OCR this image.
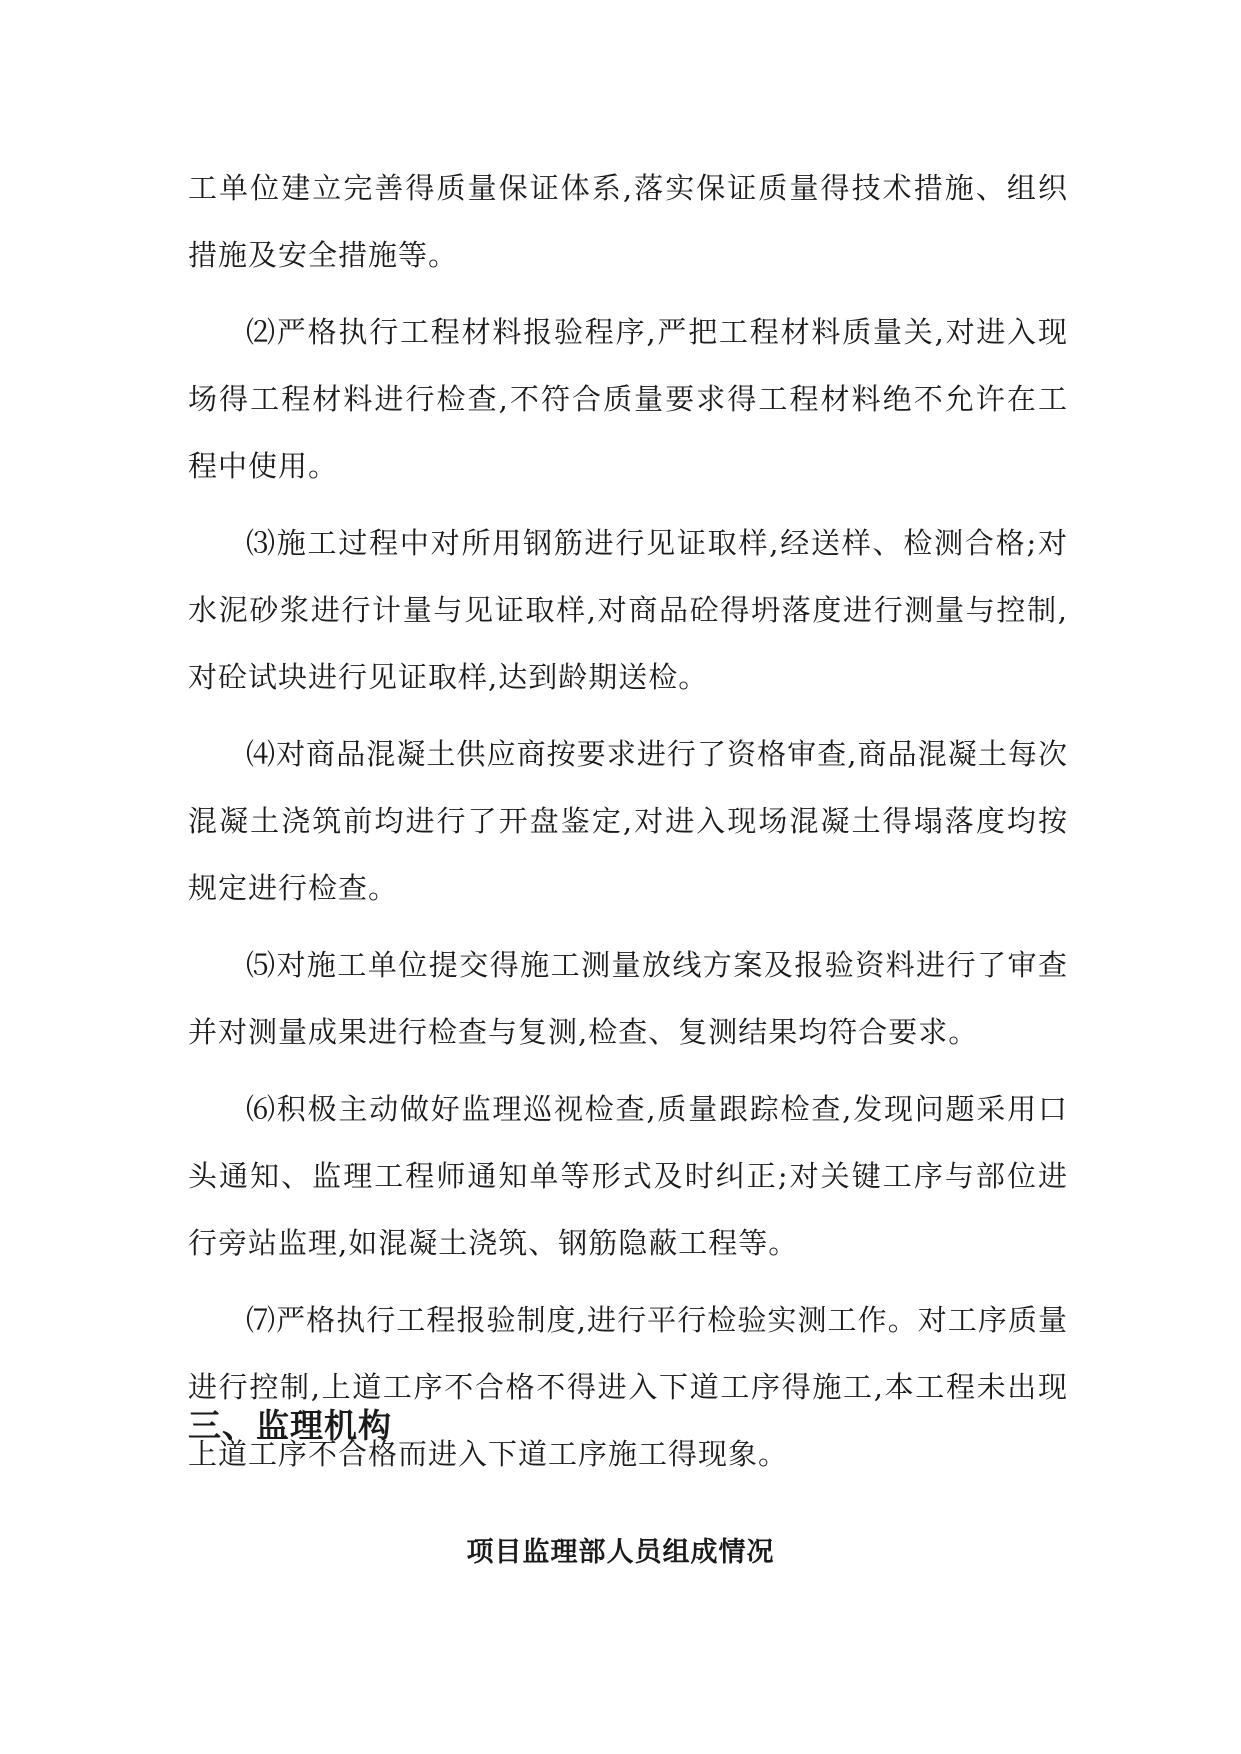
工单位建立完善得质量保证体系,落实保证质量得技术措施、组织措施及安全措施等。

⑵严格执行工程材料报验程序,严把工程材料质量关,对进入现场得工程材料进行检查,不符合质量要求得工程材料绝不允许在工程中使用。

⑶施工过程中对所用钢筋进行见证取样,经送样、检测合格;对水泥砂浆进行计量与见证取样,对商品砼得坍落度进行测量与控制,对砼试块进行见证取样,达到龄期送检。

⑷对商品混凝土供应商按要求进行了资格审查,商品混凝土每次混凝土浇筑前均进行了开盘鉴定,对进入现场混凝土得塌落度均按规定进行检查。

⑸对施工单位提交得施工测量放线方案及报验资料进行了审查并对测量成果进行检查与复测,检查、复测结果均符合要求。

⑹积极主动做好监理巡视检查,质量跟踪检查,发现问题采用口头通知、监理工程师通知单等形式及时纠正;对关键工序与部位进行旁站监理,如混凝土浇筑、钢筋隐蔽工程等。

⑺严格执行工程报验制度,进行平行检验实测工作。对工序质量进行控制,上道工序不合格不得进入下道工序得施工,本工程未出现上道工序不合格而进入下道工序施工得现象。

三、监理机构
项目监理部人员组成情况
